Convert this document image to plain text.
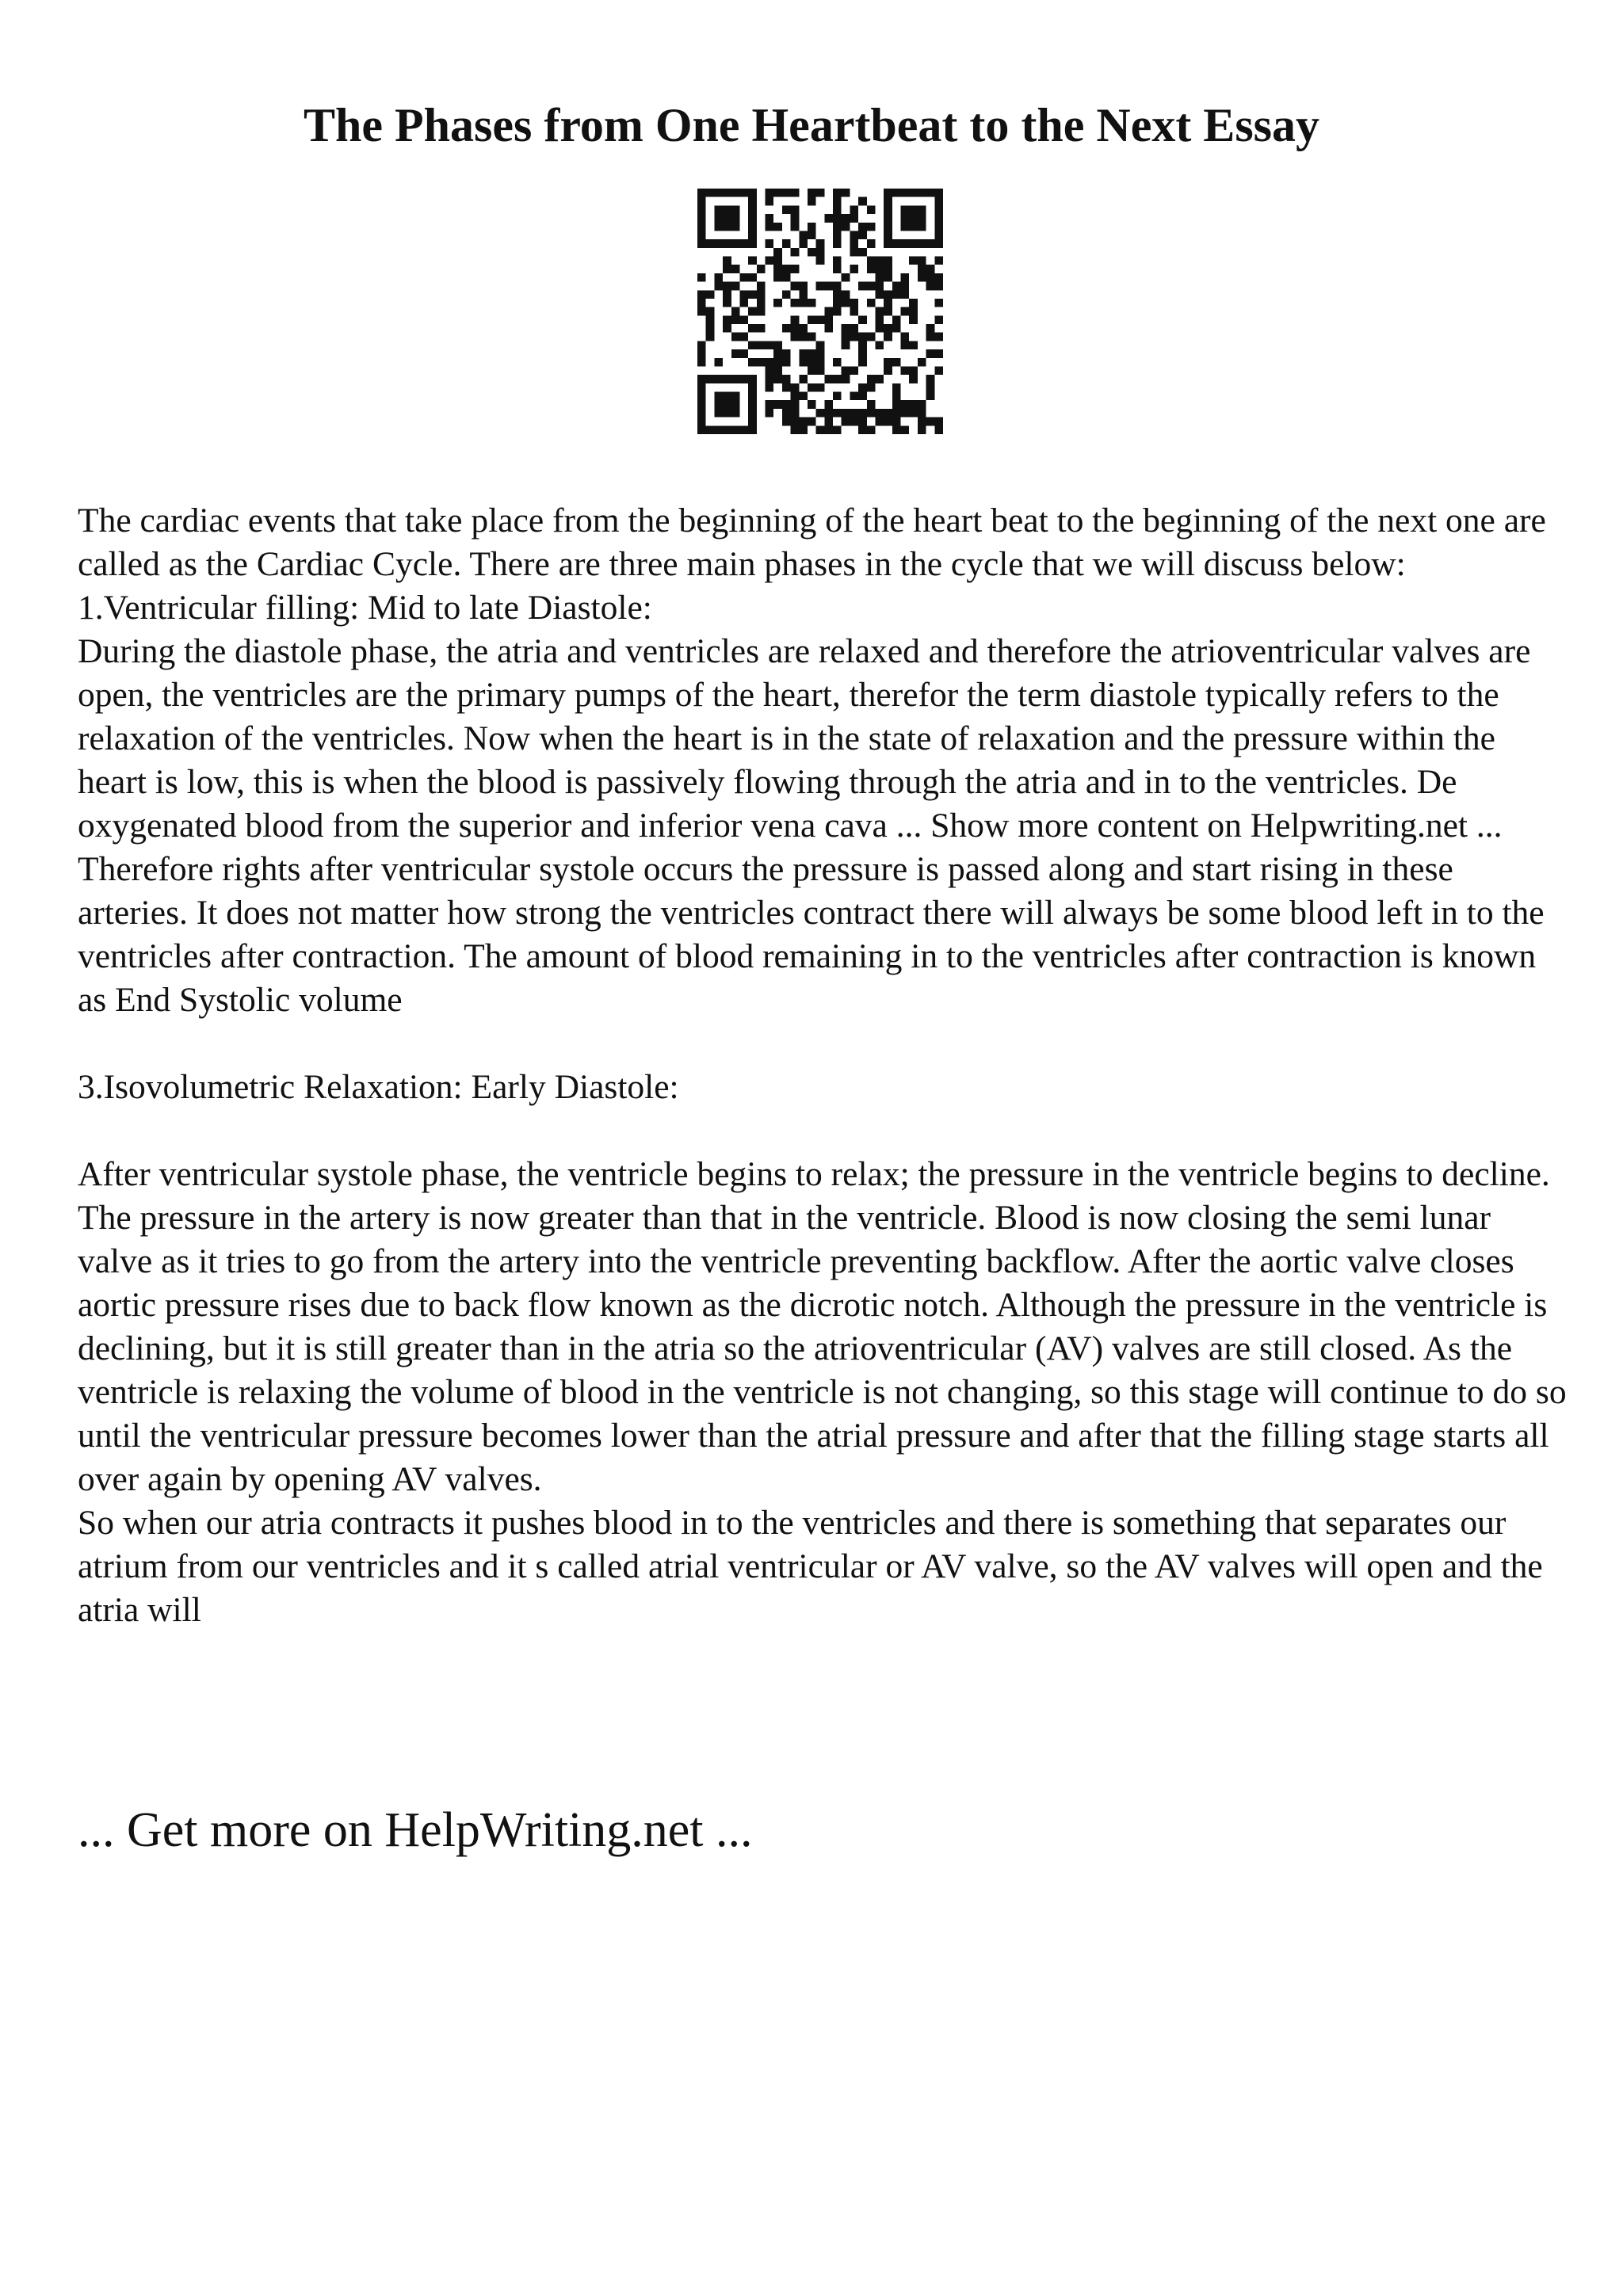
The Phases from One Heartbeat to the Next Essay

The cardiac events that take place from the beginning of the heart beat to the beginning of the next one are called as the Cardiac Cycle. There are three main phases in the cycle that we will discuss below:

1.Ventricular filling: Mid to late Diastole:

During the diastole phase, the atria and ventricles are relaxed and therefore the atrioventricular valves are open, the ventricles are the primary pumps of the heart, therefor the term diastole typically refers to the relaxation of the ventricles. Now when the heart is in the state of relaxation and the pressure within the heart is low, this is when the blood is passively flowing through the atria and in to the ventricles. De oxygenated blood from the superior and inferior vena cava ... Show more content on Helpwriting.net ...

Therefore rights after ventricular systole occurs the pressure is passed along and start rising in these arteries. It does not matter how strong the ventricles contract there will always be some blood left in to the ventricles after contraction. The amount of blood remaining in to the ventricles after contraction is known as End Systolic volume

3.Isovolumetric Relaxation: Early Diastole:

After ventricular systole phase, the ventricle begins to relax; the pressure in the ventricle begins to decline. The pressure in the artery is now greater than that in the ventricle. Blood is now closing the semi lunar valve as it tries to go from the artery into the ventricle preventing backflow. After the aortic valve closes aortic pressure rises due to back flow known as the dicrotic notch. Although the pressure in the ventricle is declining, but it is still greater than in the atria so the atrioventricular (AV) valves are still closed. As the ventricle is relaxing the volume of blood in the ventricle is not changing, so this stage will continue to do so until the ventricular pressure becomes lower than the atrial pressure and after that the filling stage starts all over again by opening AV valves.

So when our atria contracts it pushes blood in to the ventricles and there is something that separates our atrium from our ventricles and it s called atrial ventricular or AV valve, so the AV valves will open and the atria will

... Get more on HelpWriting.net ...
